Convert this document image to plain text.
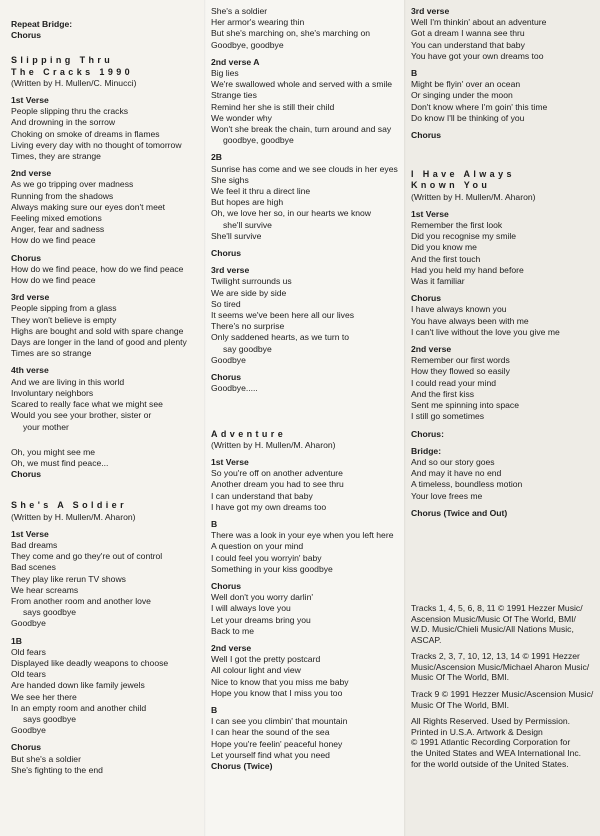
Repeat Bridge:
Chorus
Slipping Thru
The Cracks 1990
(Written by H. Mullen/C. Minucci)
1st Verse
People slipping thru the cracks
And drowning in the sorrow
Choking on smoke of dreams in flames
Living every day with no thought of tomorrow
Times, they are strange
2nd verse
As we go tripping over madness
Running from the shadows
Always making sure our eyes don't meet
Feeling mixed emotions
Anger, fear and sadness
How do we find peace
Chorus
How do we find peace, how do we find peace
How do we find peace
3rd verse
People sipping from a glass
They won't believe is empty
Highs are bought and sold with spare change
Days are longer in the land of good and plenty
Times are so strange
4th verse
And we are living in this world
Involuntary neighbors
Scared to really face what we might see
Would you see your brother, sister or
your mother
Oh, you might see me
Oh, we must find peace...
Chorus
She's A Soldier
(Written by H. Mullen/M. Aharon)
1st Verse
Bad dreams
They come and go they're out of control
Bad scenes
They play like rerun TV shows
We hear screams
From another room and another love
says goodbye
Goodbye
1B
Old fears
Displayed like deadly weapons to choose
Old tears
Are handed down like family jewels
We see her there
In an empty room and another child
says goodbye
Goodbye
Chorus
But she's a soldier
She's fighting to the end
She's a soldier
Her armor's wearing thin
But she's marching on, she's marching on
Goodbye, goodbye
2nd verse A
Big lies
We're swallowed whole and served with a smile
Strange ties
Remind her she is still their child
We wonder why
Won't she break the chain, turn around and say
goodbye, goodbye
2B
Sunrise has come and we see clouds in her eyes
She sighs
We feel it thru a direct line
But hopes are high
Oh, we love her so, in our hearts we know
she'll survive
She'll survive
Chorus
3rd verse
Twilight surrounds us
We are side by side
So tired
It seems we've been here all our lives
There's no surprise
Only saddened hearts, as we turn to
say goodbye
Goodbye
Chorus
Goodbye.....
Adventure
(Written by H. Mullen/M. Aharon)
1st Verse
So you're off on another adventure
Another dream you had to see thru
I can understand that baby
I have got my own dreams too
B
There was a look in your eye when you left here
A question on your mind
I could feel you worryin' baby
Something in your kiss goodbye
Chorus
Well don't you worry darlin'
I will always love you
Let your dreams bring you
Back to me
2nd verse
Well I got the pretty postcard
All colour light and view
Nice to know that you miss me baby
Hope you know that I miss you too
B
I can see you climbin' that mountain
I can hear the sound of the sea
Hope you're feelin' peaceful honey
Let yourself find what you need
Chorus (Twice)
3rd verse
Well I'm thinkin' about an adventure
Got a dream I wanna see thru
You can understand that baby
You have got your own dreams too
B
Might be flyin' over an ocean
Or singing under the moon
Don't know where I'm goin' this time
Do know I'll be thinking of you
Chorus
I Have Always
Known You
(Written by H. Mullen/M. Aharon)
1st Verse
Remember the first look
Did you recognise my smile
Did you know me
And the first touch
Had you held my hand before
Was it familiar
Chorus
I have always known you
You have always been with me
I can't live without the love you give me
2nd verse
Remember our first words
How they flowed so easily
I could read your mind
And the first kiss
Sent me spinning into space
I still go sometimes
Chorus:
Bridge:
And so our story goes
And may it have no end
A timeless, boundless motion
Your love frees me
Chorus (Twice and Out)
Tracks 1, 4, 5, 6, 8, 11 © 1991 Hezzer Music/
Ascension Music/Music Of The World, BMI/
W.D. Music/Chieli Music/All Nations Music,
ASCAP.
Tracks 2, 3, 7, 10, 12, 13, 14 © 1991 Hezzer
Music/Ascension Music/Michael Aharon Music/
Music Of The World, BMI.
Track 9 © 1991 Hezzer Music/Ascension Music/
Music Of The World, BMI.
All Rights Reserved. Used by Permission.
Printed in U.S.A. Artwork & Design
© 1991 Atlantic Recording Corporation for
the United States and WEA International Inc.
for the world outside of the United States.
